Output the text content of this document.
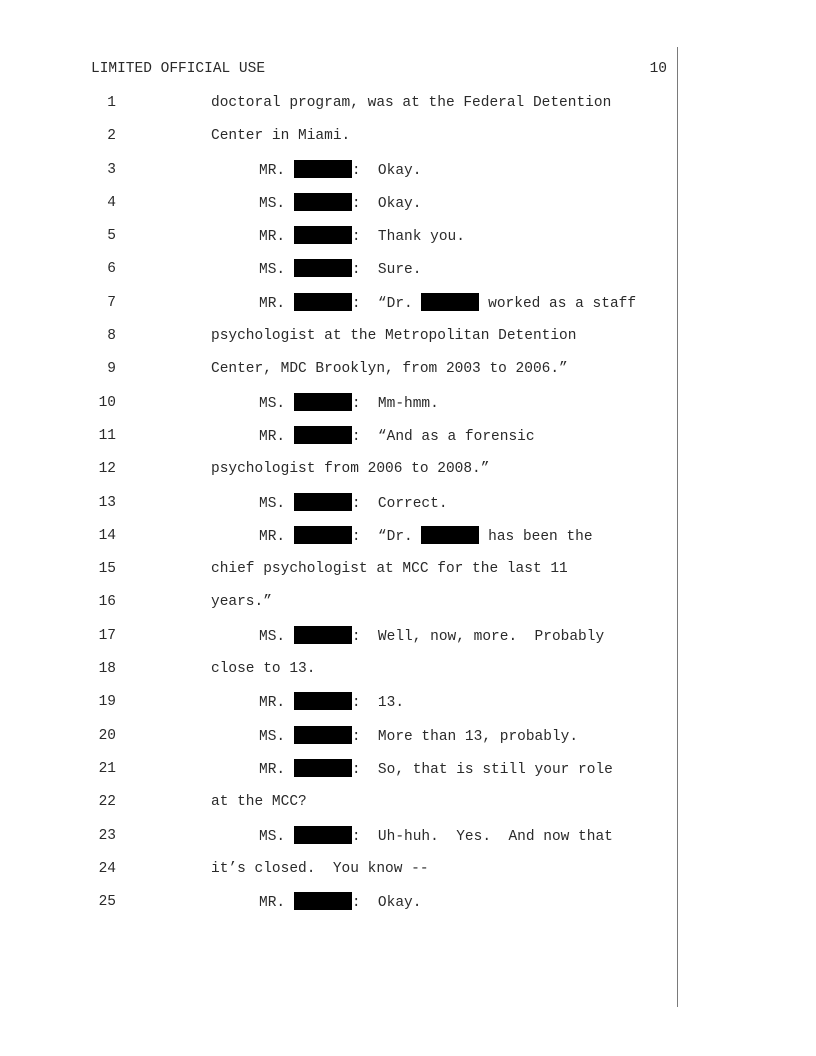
LIMITED OFFICIAL USE	10
1	doctoral program, was at the Federal Detention
2	Center in Miami.
3	MR.	:  Okay.
4	MS.	:  Okay.
5	MR.	:  Thank you.
6	MS.	:  Sure.
7	MR.	:  “Dr.	worked as a staff
8	psychologist at the Metropolitan Detention
9	Center, MDC Brooklyn, from 2003 to 2006.”
10	MS.	:  Mm-hmm.
11	MR.	:  “And as a forensic
12	psychologist from 2006 to 2008.”
13	MS.	:  Correct.
14	MR.	:  “Dr.	has been the
15	chief psychologist at MCC for the last 11
16	years.”
17	MS.	:  Well, now, more.  Probably
18	close to 13.
19	MR.	:  13.
20	MS.	:  More than 13, probably.
21	MR.	:  So, that is still your role
22	at the MCC?
23	MS.	:  Uh-huh.  Yes.  And now that
24	it’s closed.  You know --
25	MR.	:  Okay.
